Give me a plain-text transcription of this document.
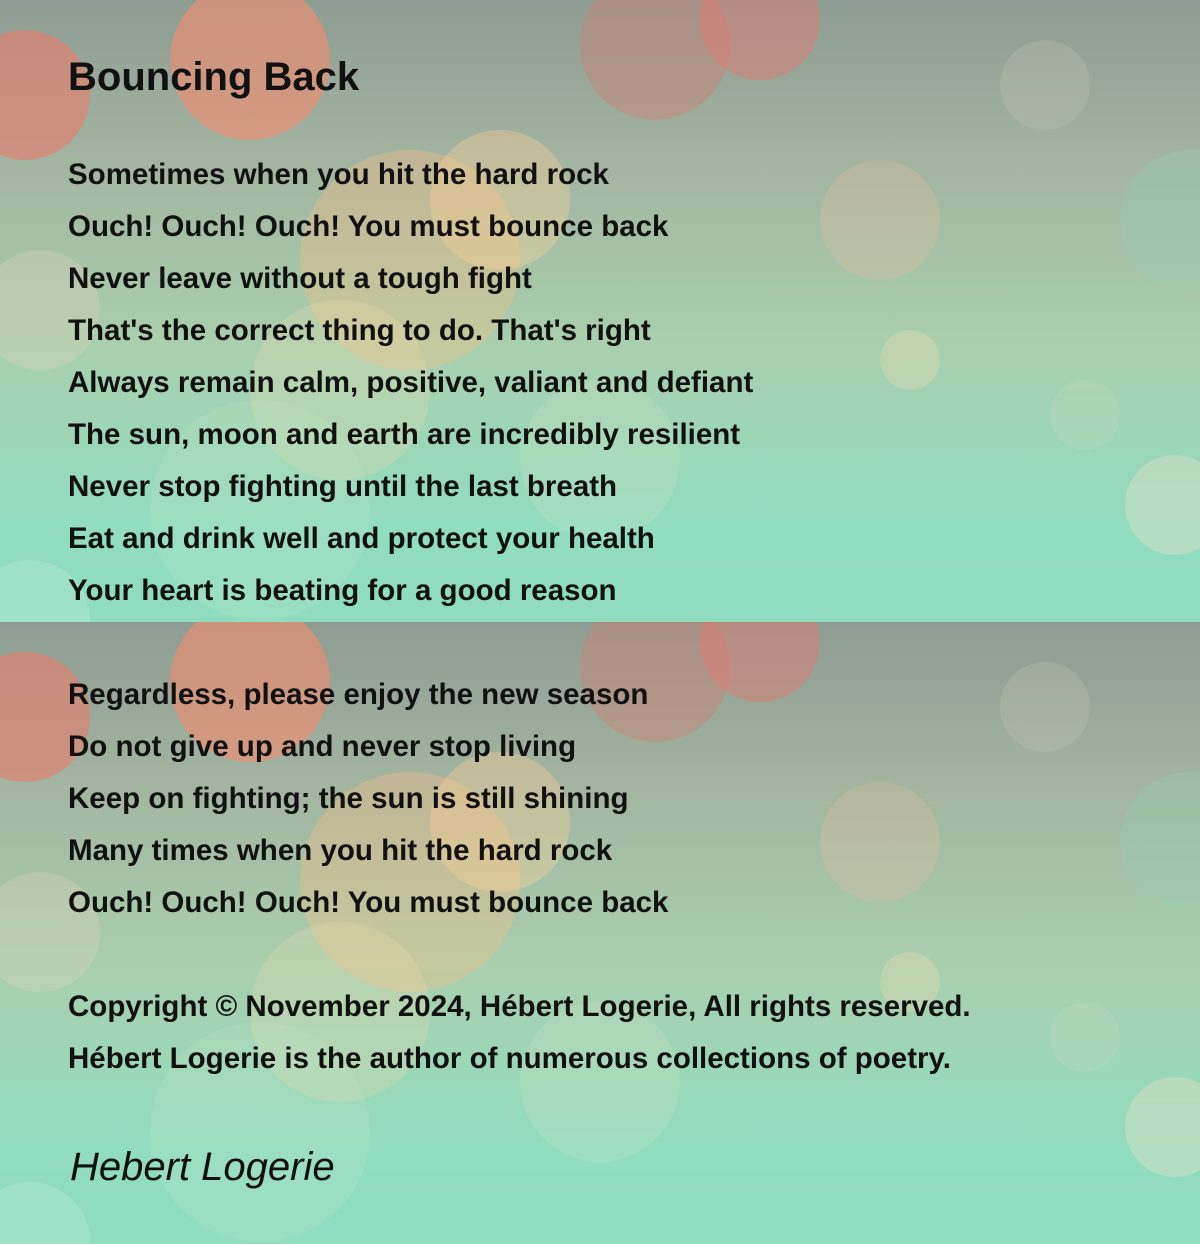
Bouncing Back
Sometimes when you hit the hard rock
Ouch! Ouch! Ouch! You must bounce back
Never leave without a tough fight
That's the correct thing to do. That's right
Always remain calm, positive, valiant and defiant
The sun, moon and earth are incredibly resilient
Never stop fighting until the last breath
Eat and drink well and protect your health
Your heart is beating for a good reason
Regardless, please enjoy the new season
Do not give up and never stop living
Keep on fighting; the sun is still shining
Many times when you hit the hard rock
Ouch! Ouch! Ouch! You must bounce back
Copyright © November 2024, Hébert Logerie, All rights reserved.
Hébert Logerie is the author of numerous collections of poetry.
Hebert Logerie
